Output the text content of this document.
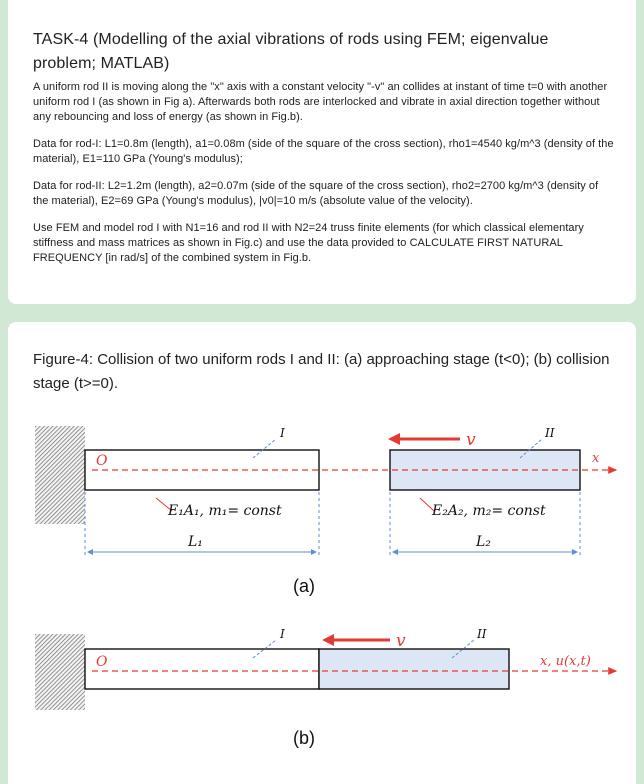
TASK-4 (Modelling of the axial vibrations of rods using FEM; eigenvalue problem; MATLAB)

A uniform rod II is moving along the "x" axis with a constant velocity "-v" an collides at instant of time t=0 with another uniform rod I (as shown in Fig a). Afterwards both rods are interlocked and vibrate in axial direction together without any rebouncing and loss of energy (as shown in Fig.b).

Data for rod-I: L1=0.8m (length), a1=0.08m (side of the square of the cross section), rho1=4540 kg/m^3 (density of the material), E1=110 GPa (Young's modulus);

Data for rod-II: L2=1.2m (length), a2=0.07m (side of the square of the cross section), rho2=2700 kg/m^3 (density of the material), E2=69 GPa (Young's modulus), |v0|=10 m/s (absolute value of the velocity).

Use FEM and model rod I with N1=16 and rod II with N2=24 truss finite elements (for which classical elementary stiffness and mass matrices as shown in Fig.c) and use the data provided to CALCULATE FIRST NATURAL FREQUENCY [in rad/s] of the combined system in Fig.b.

Figure-4: Collision of two uniform rods I and II: (a) approaching stage (t<0); (b) collision stage (t>=0).
O	x
v
I	II
E₁A₁, m₁= const	E₂A₂, m₂= const
L₁	L₂
(a)
O	x, u(x,t)
v
I	II
(b)
